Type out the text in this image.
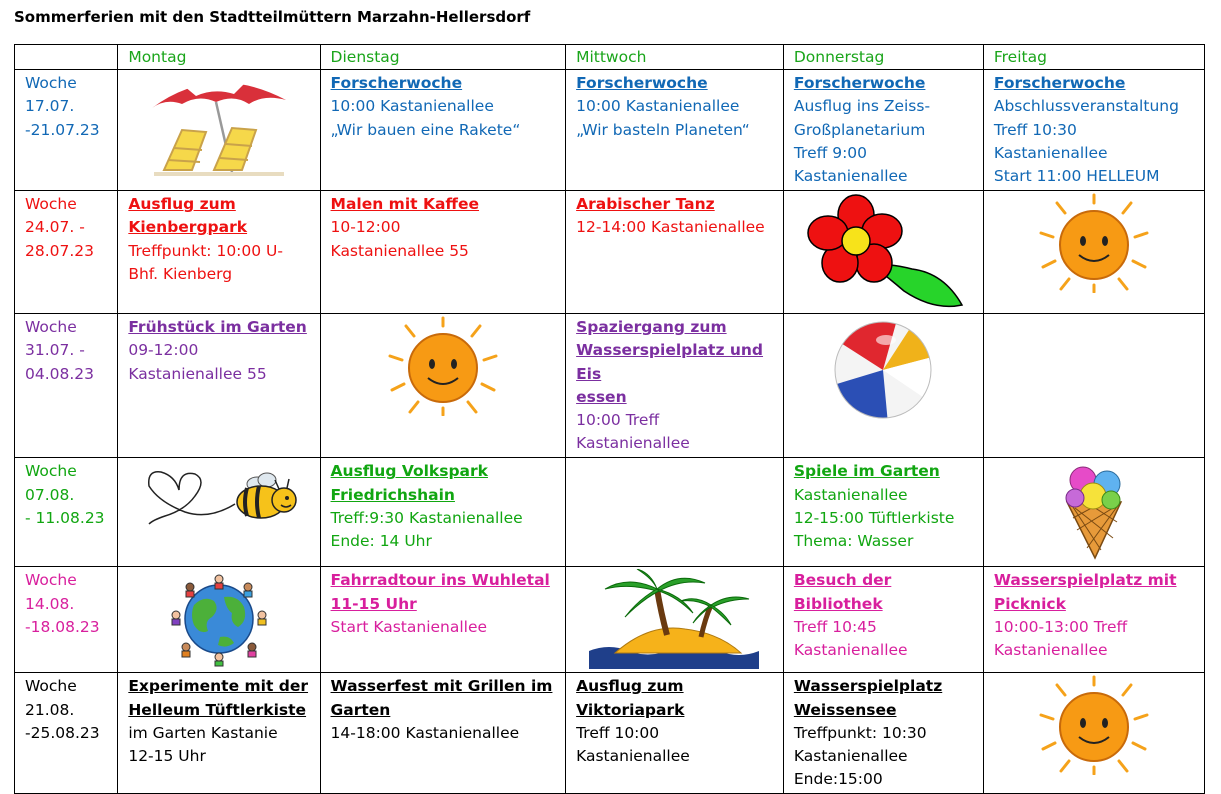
Sommerferien mit den Stadtteilmüttern Marzahn-Hellersdorf
	Montag	Dienstag	Mittwoch	Donnerstag	Freitag

Woche
17.07.
-21.07.23		Forscherwoche
10:00 Kastanienallee
„Wir bauen eine Rakete“	Forscherwoche
10:00 Kastanienallee
„Wir basteln Planeten“	Forscherwoche
Ausflug ins Zeiss-
Großplanetarium
Treff 9:00
Kastanienallee	Forscherwoche
Abschlussveranstaltung
Treff 10:30
Kastanienallee
Start 11:00 HELLEUM

Woche
24.07. -
28.07.23	Ausflug zum
Kienbergpark
Treffpunkt: 10:00 U-
Bhf. Kienberg	Malen mit Kaffee
10-12:00
Kastanienallee 55	Arabischer Tanz
12-14:00 Kastanienallee

Woche
31.07. -
04.08.23	Frühstück im Garten
09-12:00
Kastanienallee 55		Spaziergang zum
Wasserspielplatz und Eis
essen
10:00 Treff
Kastanienallee

Woche
07.08.
- 11.08.23		Ausflug Volkspark
Friedrichshain
Treff:9:30 Kastanienallee
Ende: 14 Uhr		Spiele im Garten
Kastanienallee
12-15:00 Tüftlerkiste
Thema: Wasser

Woche
14.08.
-18.08.23		Fahrradtour ins Wuhletal
11-15 Uhr
Start Kastanienallee		Besuch der Bibliothek
Treff 10:45
Kastanienallee	Wasserspielplatz mit
Picknick
10:00-13:00 Treff
Kastanienallee

Woche
21.08.
-25.08.23	Experimente mit der
Helleum Tüftlerkiste
im Garten Kastanie
12-15 Uhr	Wasserfest mit Grillen im
Garten
14-18:00 Kastanienallee	Ausflug zum
Viktoriapark
Treff 10:00
Kastanienallee	Wasserspielplatz
Weissensee
Treffpunkt: 10:30
Kastanienallee
Ende:15:00
